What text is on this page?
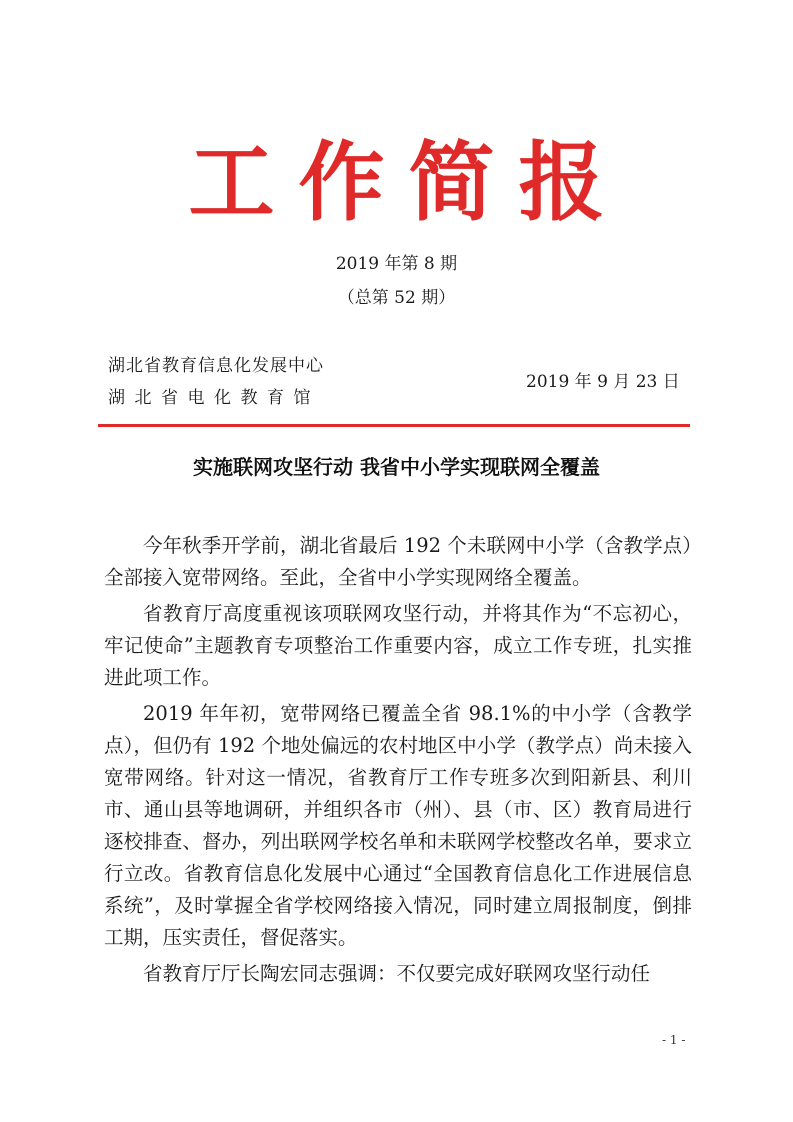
工作简报
2019 年第 8 期
（总第 52 期）
湖北省教育信息化发展中心
湖北省电化教育馆
2019 年 9 月 23 日
实施联网攻坚行动 我省中小学实现联网全覆盖

今年秋季开学前，湖北省最后 192 个未联网中小学（含教学点）全部接入宽带网络。至此，全省中小学实现网络全覆盖。

省教育厅高度重视该项联网攻坚行动，并将其作为“不忘初心，牢记使命”主题教育专项整治工作重要内容，成立工作专班，扎实推进此项工作。

2019 年年初，宽带网络已覆盖全省 98.1%的中小学（含教学点），但仍有 192 个地处偏远的农村地区中小学（教学点）尚未接入宽带网络。针对这一情况，省教育厅工作专班多次到阳新县、利川市、通山县等地调研，并组织各市（州）、县（市、区）教育局进行逐校排查、督办，列出联网学校名单和未联网学校整改名单，要求立行立改。省教育信息化发展中心通过“全国教育信息化工作进展信息系统”，及时掌握全省学校网络接入情况，同时建立周报制度，倒排工期，压实责任，督促落实。

省教育厅厅长陶宏同志强调：不仅要完成好联网攻坚行动任

- 1 -
